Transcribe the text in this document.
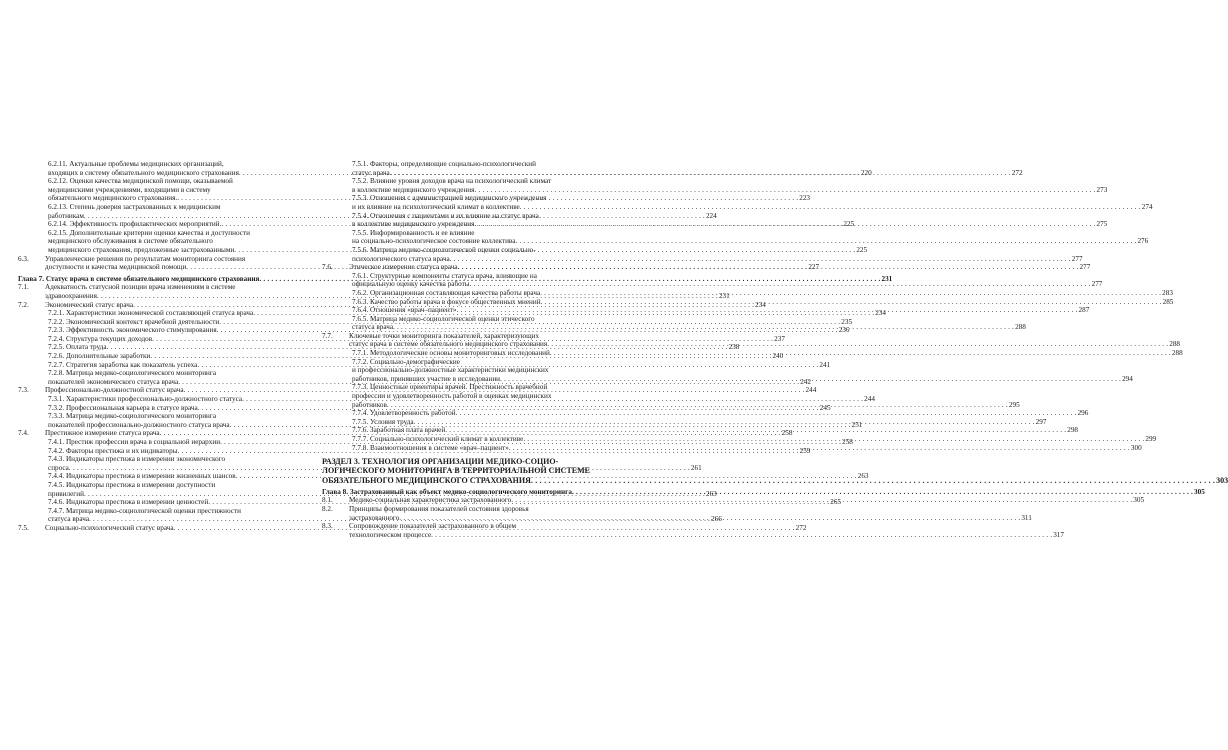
6.2.11. Актуальные проблемы медицинских организаций,
входящих в систему обязательного медицинского страхования . . .	220
6.2.12. Оценки качества медицинской помощи, оказываемой
медицинскими учреждениями, входящими в систему
обязательного медицинского страхования. . . .	223
6.2.13. Степень доверия застрахованных к медицинским
работникам . . .	224
6.2.14. Эффективность профилактических мероприятий. . . .	225
6.2.15. Дополнительные критерии оценки качества и доступности
медицинского обслуживания в системе обязательного
медицинского страхования, предложенные застрахованными . . .	225
6.3. Управленческие решения по результатам мониторинга состояния
доступности и качества медицинской помощи . . .	227
Глава 7. Статус врача в системе обязательного медицинского страхования . . .	231
7.1. Адекватность статусной позиции врача изменениям в системе
здравоохранения . . .	231
7.2. Экономический статус врача . . .	234
7.2.1. Характеристики экономической составляющей статуса врача . . .	234
7.2.2. Экономический контекст врачебной деятельности . . .	235
7.2.3. Эффективность экономического стимулирования . . .	236
7.2.4. Структура текущих доходов . . .	237
7.2.5. Оплата труда . . .	238
7.2.6. Дополнительные заработки . . .	240
7.2.7. Стратегия заработка как показатель успеха . . .	241
7.2.8. Матрица медико-социологического мониторинга
показателей экономического статуса врача . . .	242
7.3. Профессионально-должностной статус врача . . .	244
7.3.1. Характеристики профессионально-должностного статуса . . .	244
7.3.2. Профессиональная карьера в статусе врача . . .	245
7.3.3. Матрица медико-социологического мониторинга
показателей профессионально-должностного статуса врача . . .	251
7.4. Престижное измерение статуса врача . . .	258
7.4.1. Престиж профессии врача в социальной иерархии . . .	258
7.4.2. Факторы престижа и их индикаторы . . .	259
7.4.3. Индикаторы престижа в измерении экономического
спроса . . .	261
7.4.4. Индикаторы престижа в измерении жизненных шансов . . .	263
7.4.5. Индикаторы престижа в измерении доступности
привилегий . . .	263
7.4.6. Индикаторы престижа в измерении ценностей . . .	265
7.4.7. Матрица медико-социологической оценки престижности
статуса врача . . .	266
7.5. Социально-психологический статус врача . . .	272
7.5.1. Факторы, определяющие социально-психологический
статус врача . . .	272
7.5.2. Влияние уровня доходов врача на психологический климат
в коллективе медицинского учреждения . . .	273
7.5.3. Отношения с администрацией медицинского учреждения
и их влияние на психологический климат в коллективе . . .	274
7.5.4. Отношения с пациентами и их влияние на статус врача
в коллективе медицинского учреждения . . .	275
7.5.5. Информированность и ее влияние
на социально-психологическое состояние коллектива . . .	276
7.5.6. Матрица медико-социологической оценки социально-
психологического статуса врача . . .	277
7.6. Этическое измерение статуса врача . . .	277
7.6.1. Структурные компоненты статуса врача, влияющие на
официальную оценку качества работы . . .	277
7.6.2. Организационная составляющая качества работы врача . . .	283
7.6.3. Качество работы врача в фокусе общественных мнений . . .	285
7.6.4. Отношения «врач–пациент» . . .	287
7.6.5. Матрица медико-социологической оценки этического
статуса врача . . .	288
7.7. Ключевые точки мониторинга показателей, характеризующих
статус врача в системе обязательного медицинского страхования . . .	288
7.7.1. Методологические основы мониторинговых исследований . . .	288
7.7.2. Социально-демографические
и профессионально-должностные характеристики медицинских
работников, принявших участие в исследовании . . .	294
7.7.3. Ценностные ориентиры врачей. Престижность врачебной
профессии и удовлетворенность работой в оценках медицинских
работников . . .	295
7.7.4. Удовлетворенность работой . . .	296
7.7.5. Условия труда . . .	297
7.7.6. Заработная плата врачей . . .	298
7.7.7. Социально-психологический климат в коллективе . . .	299
7.7.8. Взаимоотношения в системе «врач–пациент» . . .	300
РАЗДЕЛ 3. ТЕХНОЛОГИЯ ОРГАНИЗАЦИИ МЕДИКО-СОЦИО-
ЛОГИЧЕСКОГО МОНИТОРИНГА В ТЕРРИТОРИАЛЬНОЙ СИСТЕМЕ
ОБЯЗАТЕЛЬНОГО МЕДИЦИНСКОГО СТРАХОВАНИЯ . . .	303
Глава 8. Застрахованный как объект медико-социологического мониторинга . . .	305
8.1. Медико-социальная характеристика застрахованного . . .	305
8.2. Принципы формирования показателей состояния здоровья
застрахованного . . .	311
8.3. Сопровождение показателей застрахованного в общем
технологическом процессе . . .	317
